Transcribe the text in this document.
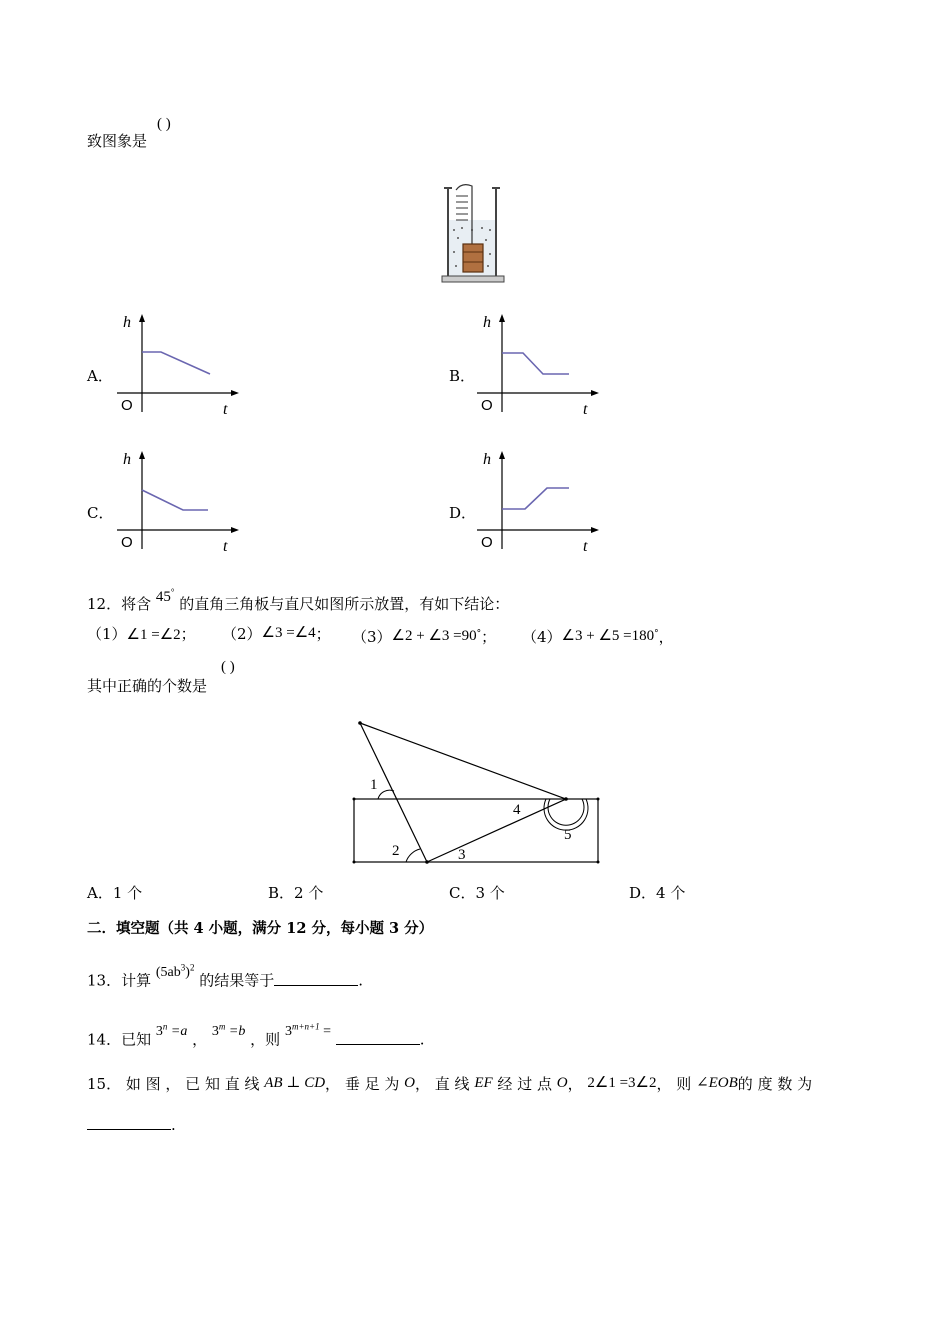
致图象是
( )
A．
h
t
O
B．
h
t
O
C．
h
t
O
D．
h
t
O
12．将含 45° 的直角三角板与直尺如图所示放置，有如下结论：
（1）∠1 =∠2； （2）∠3 =∠4； （3）∠2 + ∠3 =90°； （4）∠3 + ∠5 =180°，
其中正确的个数是
( )
1
2	3
4
5
A．1 个	B．2 个	C．3 个	D．4 个
二．填空题（共 4 小题，满分 12 分，每小题 3 分）
13．计算 $(5ab^3)^2$ 的结果等于	.
14．已知 $3^n =a$ ， $3^m =b$ ，则 $3^{m+n+1}$ =	.
15． 如 图 ， 已 知 直 线 AB ⊥ CD， 垂 足 为 O， 直 线 EF 经 过 点 O， 2∠1 =3∠2， 则 ∠EOB的 度 数 为
.
